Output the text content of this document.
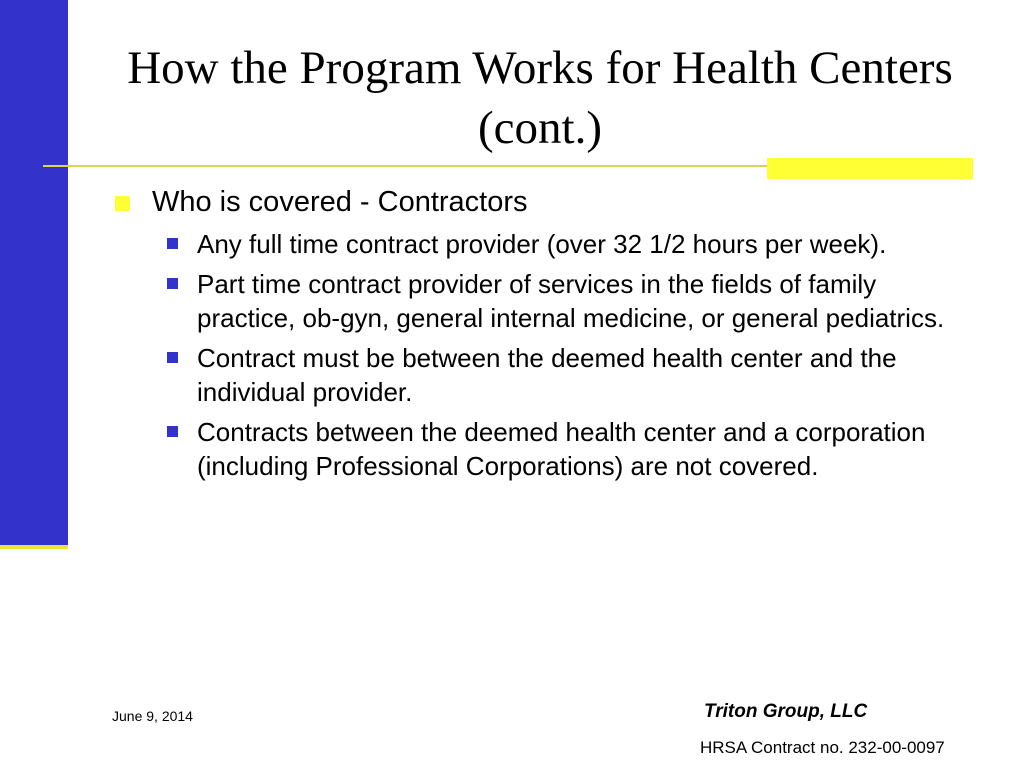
How the Program Works for Health Centers (cont.)
Who is covered - Contractors
Any full time contract provider (over 32 1/2 hours per week).
Part time contract provider of services in the fields of family practice, ob-gyn, general internal medicine, or general pediatrics.
Contract must be between the deemed health center and the individual provider.
Contracts between the deemed health center and a corporation (including Professional Corporations) are not covered.
June 9, 2014	Triton Group, LLC
HRSA Contract no. 232-00-0097
